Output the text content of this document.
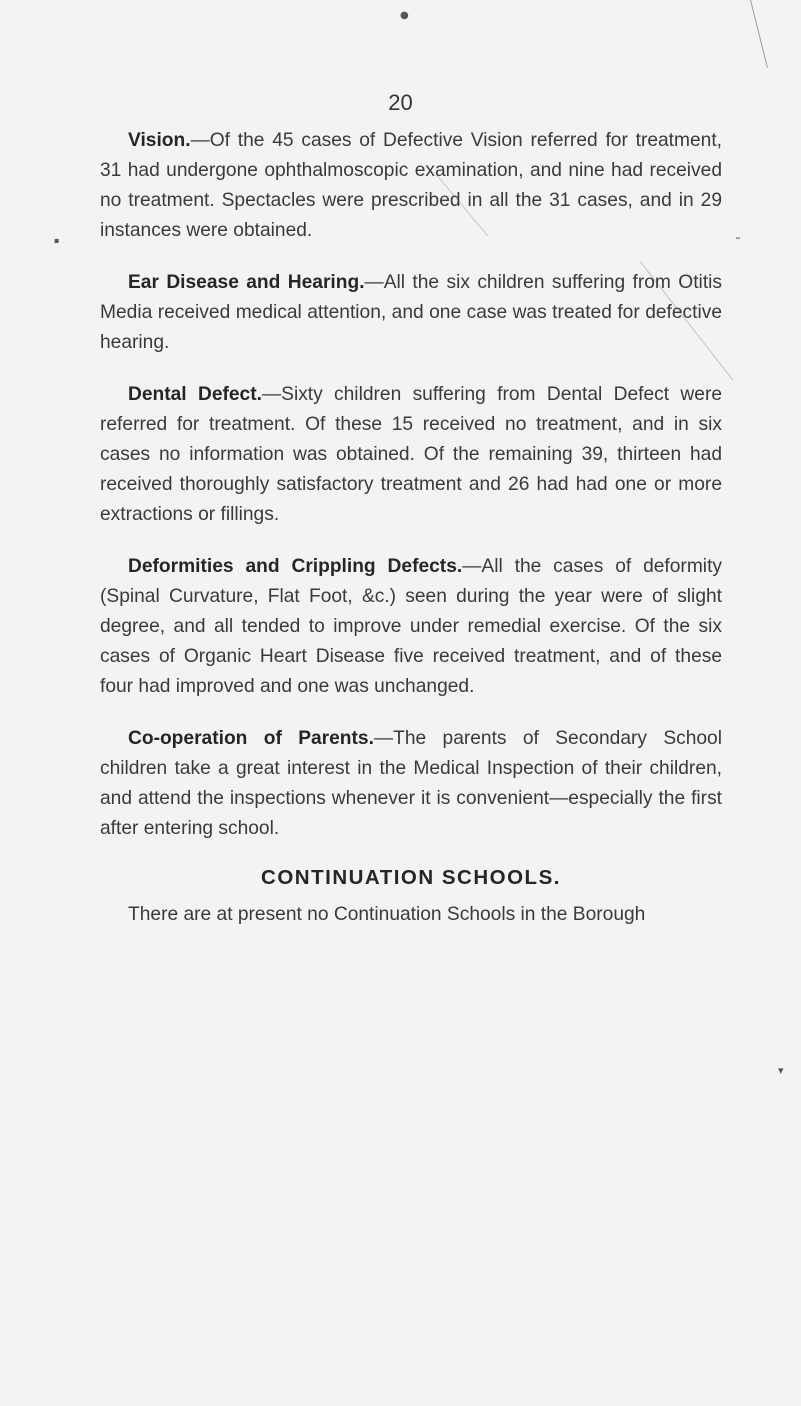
●
▪	˜
▾
20

Vision.—Of the 45 cases of Defective Vision referred for treatment, 31 had undergone ophthalmoscopic examination, and nine had received no treatment. Spectacles were prescribed in all the 31 cases, and in 29 instances were obtained.

Ear Disease and Hearing.—All the six children suffering from Otitis Media received medical attention, and one case was treated for defective hearing.

Dental Defect.—Sixty children suffering from Dental Defect were referred for treatment. Of these 15 received no treatment, and in six cases no information was obtained. Of the remaining 39, thirteen had received thoroughly satisfactory treatment and 26 had had one or more extractions or fillings.

Deformities and Crippling Defects.—All the cases of deformity (Spinal Curvature, Flat Foot, &c.) seen during the year were of slight degree, and all tended to improve under remedial exercise. Of the six cases of Organic Heart Disease five received treatment, and of these four had improved and one was unchanged.

Co-operation of Parents.—The parents of Secondary School children take a great interest in the Medical Inspection of their children, and attend the inspections whenever it is convenient—especially the first after entering school.

CONTINUATION SCHOOLS.

There are at present no Continuation Schools in the Borough
